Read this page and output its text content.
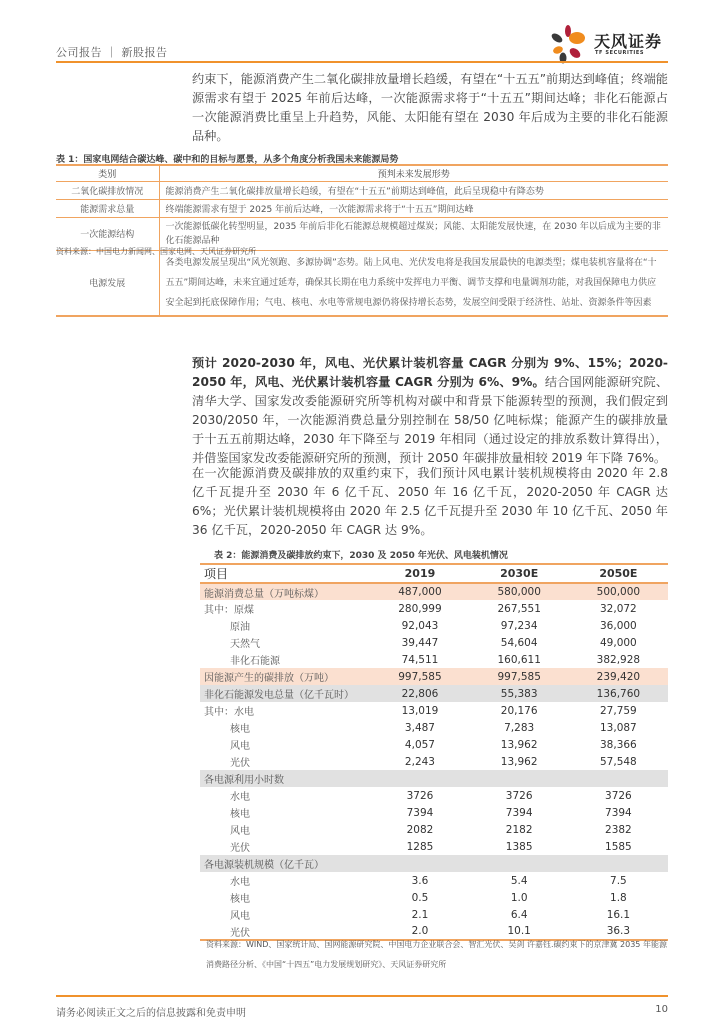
公司报告 ｜ 新股报告
天风证券
TF SECURITIES

约束下，能源消费产生二氧化碳排放量增长趋缓，有望在“十五五”前期达到峰值；终端能源需求有望于 2025 年前后达峰，一次能源需求将于“十五五”期间达峰；非化石能源占一次能源消费比重呈上升趋势，风能、太阳能有望在 2030 年后成为主要的非化石能源品种。

表 1：国家电网结合碳达峰、碳中和的目标与愿景，从多个角度分析我国未来能源局势
类别	预判未来发展形势
二氧化碳排放情况	能源消费产生二氧化碳排放量增长趋缓，有望在“十五五”前期达到峰值，此后呈现稳中有降态势
能源需求总量	终端能源需求有望于 2025 年前后达峰，一次能源需求将于“十五五”期间达峰
一次能源结构	一次能源低碳化转型明显，2035 年前后非化石能源总规模超过煤炭；风能、太阳能发展快速，在 2030 年以后成为主要的非化石能源品种
电源发展	各类电源发展呈现出“风光领跑、多源协调”态势。陆上风电、光伏发电将是我国发展最快的电源类型；煤电装机容量将在“十五五”期间达峰，未来宜通过延寿，确保其长期在电力系统中发挥电力平衡、调节支撑和电量调剂功能，对我国保障电力供应安全起到托底保障作用；气电、核电、水电等常规电源仍将保持增长态势，发展空间受限于经济性、站址、资源条件等因素
资料来源：中国电力新闻网、国家电网、天风证券研究所

预计 2020-2030 年，风电、光伏累计装机容量 CAGR 分别为 9%、15%；2020-2050 年，风电、光伏累计装机容量 CAGR 分别为 6%、9%。结合国网能源研究院、清华大学、国家发改委能源研究所等机构对碳中和背景下能源转型的预测，我们假定到 2030/2050 年，一次能源消费总量分别控制在 58/50 亿吨标煤；能源产生的碳排放量于十五五前期达峰，2030 年下降至与 2019 年相同（通过设定的排放系数计算得出），并借鉴国家发改委能源研究所的预测，预计 2050 年碳排放量相较 2019 年下降 76%。

在一次能源消费及碳排放的双重约束下，我们预计风电累计装机规模将由 2020 年 2.8 亿千瓦提升至 2030 年 6 亿千瓦、2050 年 16 亿千瓦，2020-2050 年 CAGR 达 6%；光伏累计装机规模将由 2020 年 2.5 亿千瓦提升至 2030 年 10 亿千瓦、2050 年 36 亿千瓦，2020-2050 年 CAGR 达 9%。

表 2：能源消费及碳排放约束下，2030 及 2050 年光伏、风电装机情况
项目	2019	2030E	2050E
能源消费总量（万吨标煤）	487,000	580,000	500,000
其中：原煤	280,999	267,551	32,072
原油	92,043	97,234	36,000
天然气	39,447	54,604	49,000
非化石能源	74,511	160,611	382,928
因能源产生的碳排放（万吨）	997,585	997,585	239,420
非化石能源发电总量（亿千瓦时）	22,806	55,383	136,760
其中：水电	13,019	20,176	27,759
核电	3,487	7,283	13,087
风电	4,057	13,962	38,366
光伏	2,243	13,962	57,548
各电源利用小时数			
水电	3726	3726	3726
核电	7394	7394	7394
风电	2082	2182	2382
光伏	1285	1385	1585
各电源装机规模（亿千瓦）			
水电	3.6	5.4	7.5
核电	0.5	1.0	1.8
风电	2.1	6.4	16.1
光伏	2.0	10.1	36.3
资料来源：WIND、国家统计局、国网能源研究院、中国电力企业联合会、智汇光伏、吴剑 许嘉钰.碳约束下的京津冀 2035 年能源消费路径分析、《中国“十四五”电力发展规划研究》、天风证券研究所
请务必阅读正文之后的信息披露和免责申明	10
